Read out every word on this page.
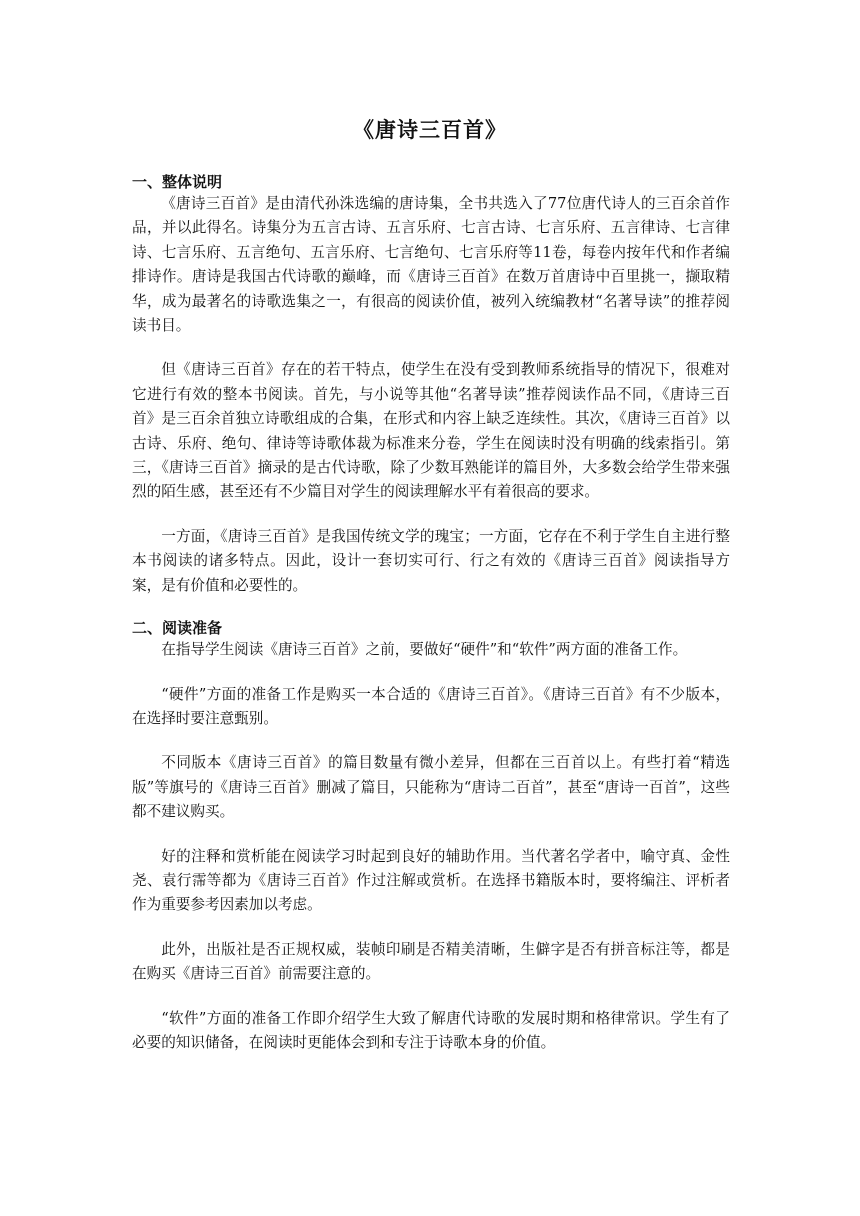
《唐诗三百首》
一、整体说明

《唐诗三百首》是由清代孙洙选编的唐诗集，全书共选入了77位唐代诗人的三百余首作品，并以此得名。诗集分为五言古诗、五言乐府、七言古诗、七言乐府、五言律诗、七言律诗、七言乐府、五言绝句、五言乐府、七言绝句、七言乐府等11卷，每卷内按年代和作者编排诗作。唐诗是我国古代诗歌的巅峰，而《唐诗三百首》在数万首唐诗中百里挑一，撷取精华，成为最著名的诗歌选集之一，有很高的阅读价值，被列入统编教材“名著导读”的推荐阅读书目。

但《唐诗三百首》存在的若干特点，使学生在没有受到教师系统指导的情况下，很难对它进行有效的整本书阅读。首先，与小说等其他“名著导读”推荐阅读作品不同，《唐诗三百首》是三百余首独立诗歌组成的合集，在形式和内容上缺乏连续性。其次，《唐诗三百首》以古诗、乐府、绝句、律诗等诗歌体裁为标准来分卷，学生在阅读时没有明确的线索指引。第三，《唐诗三百首》摘录的是古代诗歌，除了少数耳熟能详的篇目外，大多数会给学生带来强烈的陌生感，甚至还有不少篇目对学生的阅读理解水平有着很高的要求。

一方面，《唐诗三百首》是我国传统文学的瑰宝；一方面，它存在不利于学生自主进行整本书阅读的诸多特点。因此，设计一套切实可行、行之有效的《唐诗三百首》阅读指导方案，是有价值和必要性的。

二、阅读准备

在指导学生阅读《唐诗三百首》之前，要做好“硬件”和“软件”两方面的准备工作。

“硬件”方面的准备工作是购买一本合适的《唐诗三百首》。《唐诗三百首》有不少版本，在选择时要注意甄别。

不同版本《唐诗三百首》的篇目数量有微小差异，但都在三百首以上。有些打着“精选版”等旗号的《唐诗三百首》删减了篇目，只能称为“唐诗二百首”，甚至“唐诗一百首”，这些都不建议购买。

好的注释和赏析能在阅读学习时起到良好的辅助作用。当代著名学者中，喻守真、金性尧、袁行霈等都为《唐诗三百首》作过注解或赏析。在选择书籍版本时，要将编注、评析者作为重要参考因素加以考虑。

此外，出版社是否正规权威，装帧印刷是否精美清晰，生僻字是否有拼音标注等，都是在购买《唐诗三百首》前需要注意的。

“软件”方面的准备工作即介绍学生大致了解唐代诗歌的发展时期和格律常识。学生有了必要的知识储备，在阅读时更能体会到和专注于诗歌本身的价值。
